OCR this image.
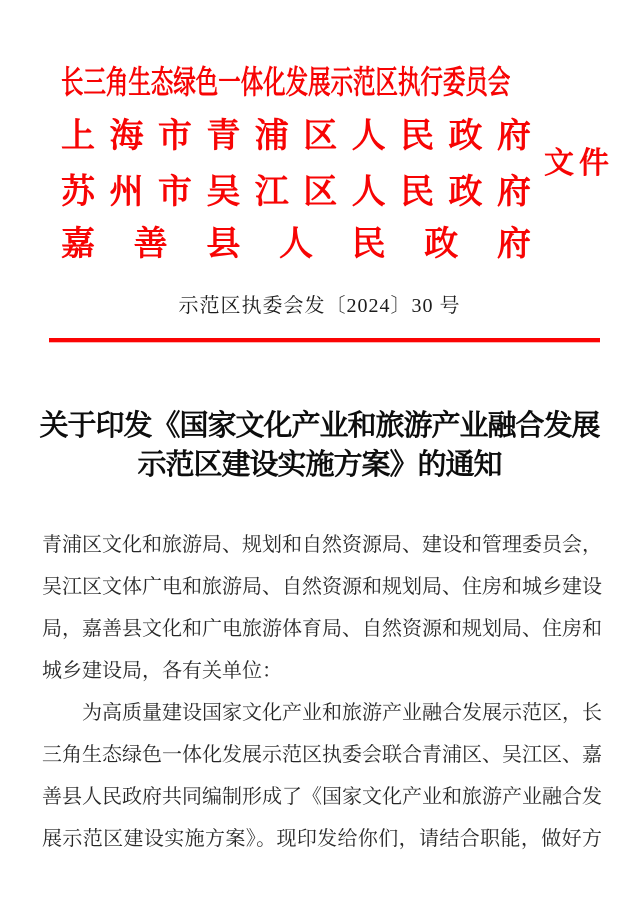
长三角生态绿色一体化发展示范区执行委员会
上 海 市 青 浦 区 人 民 政 府
苏 州 市 吴 江 区 人 民 政 府
嘉 善 县 人 民 政 府
文 件
示范区执委会发〔2024〕30 号
关于印发《国家文化产业和旅游产业融合发展
示范区建设实施方案》的通知
青浦区文化和旅游局、规划和自然资源局、建设和管理委员会，
吴江区文体广电和旅游局、自然资源和规划局、住房和城乡建设
局，嘉善县文化和广电旅游体育局、自然资源和规划局、住房和
城乡建设局，各有关单位：
　　为高质量建设国家文化产业和旅游产业融合发展示范区，长
三角生态绿色一体化发展示范区执委会联合青浦区、吴江区、嘉
善县人民政府共同编制形成了《国家文化产业和旅游产业融合发
展示范区建设实施方案》。现印发给你们，请结合职能，做好方
